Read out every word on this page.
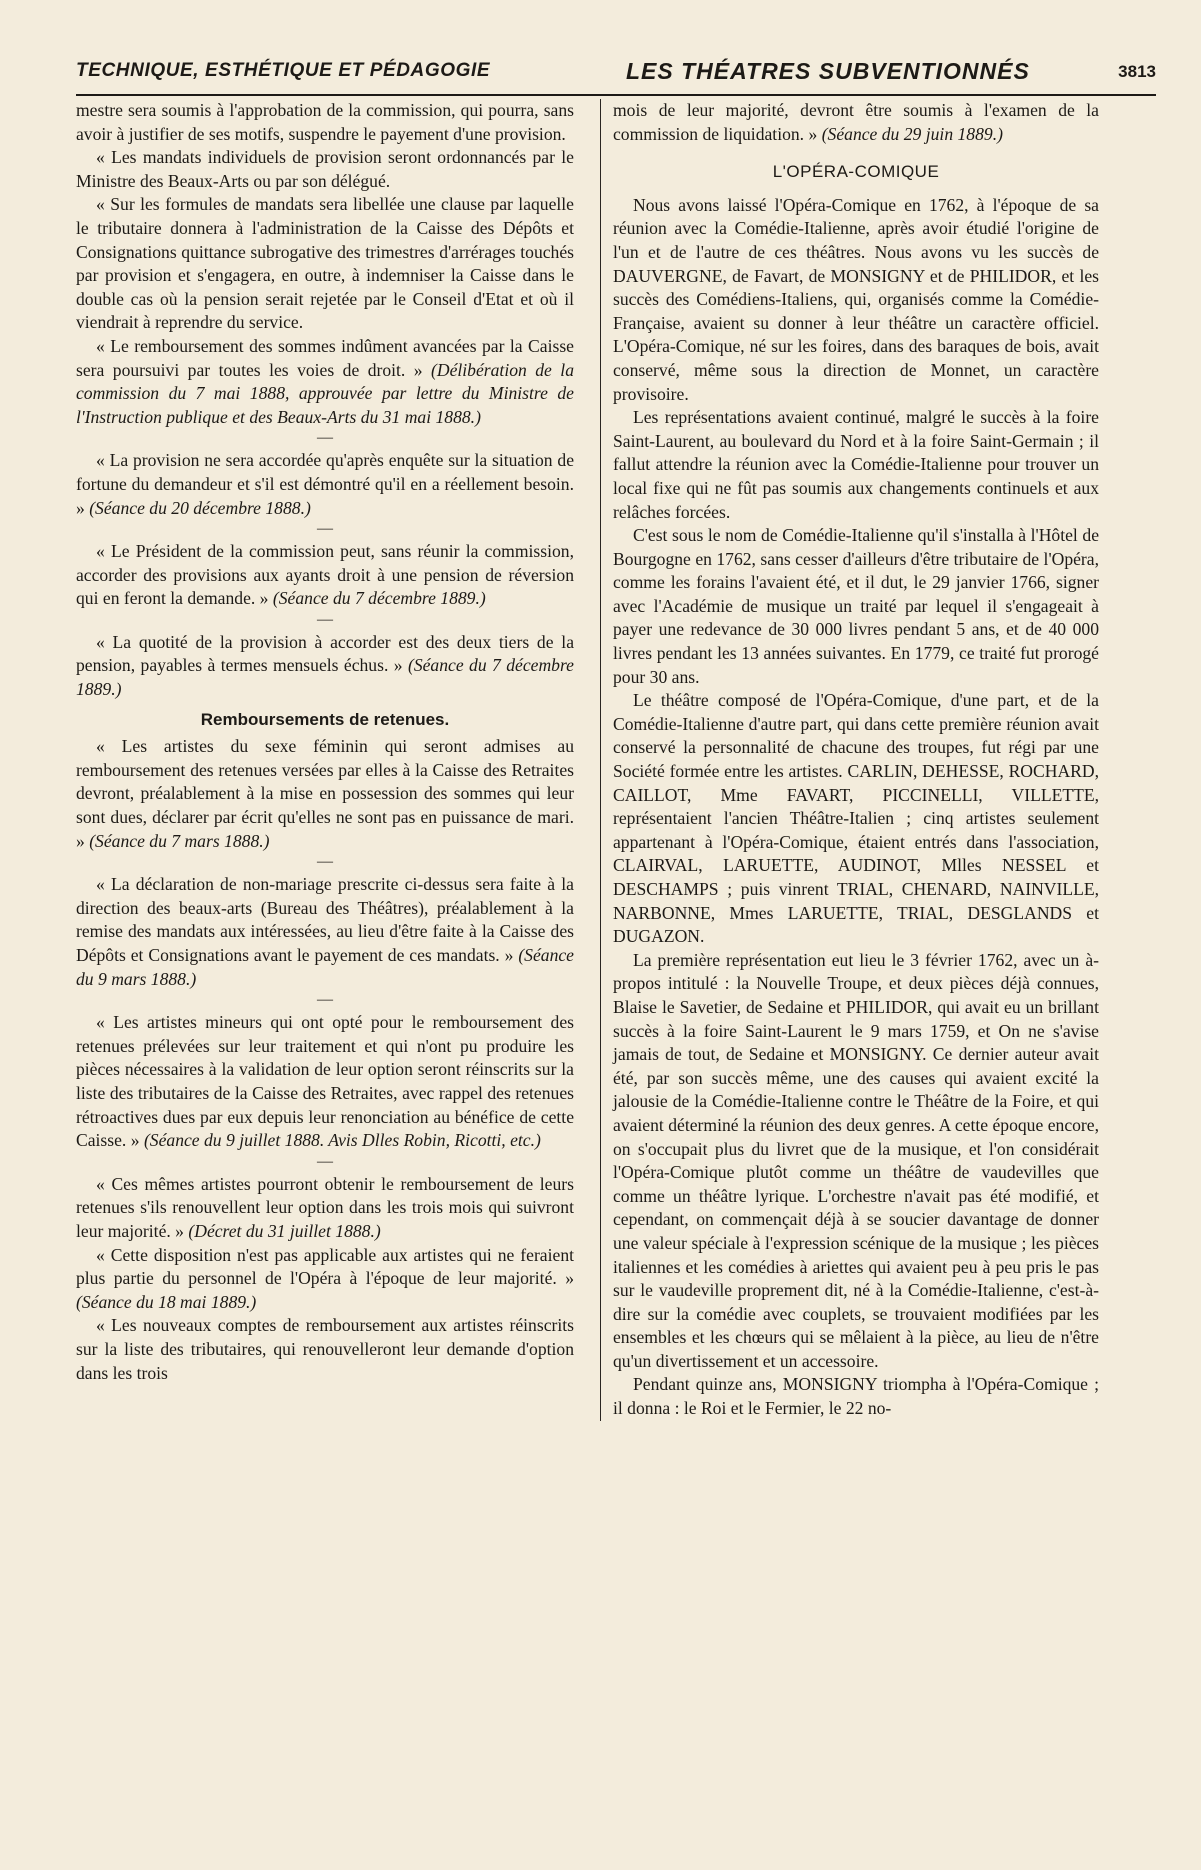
TECHNIQUE, ESTHÉTIQUE ET PÉDAGOGIE	LES THÉATRES SUBVENTIONNÉS	3813

mestre sera soumis à l'approbation de la commission, qui pourra, sans avoir à justifier de ses motifs, suspendre le payement d'une provision.

« Les mandats individuels de provision seront ordonnancés par le Ministre des Beaux-Arts ou par son délégué.

« Sur les formules de mandats sera libellée une clause par laquelle le tributaire donnera à l'administration de la Caisse des Dépôts et Consignations quittance subrogative des trimestres d'arrérages touchés par provision et s'engagera, en outre, à indemniser la Caisse dans le double cas où la pension serait rejetée par le Conseil d'Etat et où il viendrait à reprendre du service.

« Le remboursement des sommes indûment avancées par la Caisse sera poursuivi par toutes les voies de droit. » (Délibération de la commission du 7 mai 1888, approuvée par lettre du Ministre de l'Instruction publique et des Beaux-Arts du 31 mai 1888.)

—

« La provision ne sera accordée qu'après enquête sur la situation de fortune du demandeur et s'il est démontré qu'il en a réellement besoin. » (Séance du 20 décembre 1888.)

—

« Le Président de la commission peut, sans réunir la commission, accorder des provisions aux ayants droit à une pension de réversion qui en feront la demande. » (Séance du 7 décembre 1889.)

—

« La quotité de la provision à accorder est des deux tiers de la pension, payables à termes mensuels échus. » (Séance du 7 décembre 1889.)

Remboursements de retenues.

« Les artistes du sexe féminin qui seront admises au remboursement des retenues versées par elles à la Caisse des Retraites devront, préalablement à la mise en possession des sommes qui leur sont dues, déclarer par écrit qu'elles ne sont pas en puissance de mari. » (Séance du 7 mars 1888.)

—

« La déclaration de non-mariage prescrite ci-dessus sera faite à la direction des beaux-arts (Bureau des Théâtres), préalablement à la remise des mandats aux intéressées, au lieu d'être faite à la Caisse des Dépôts et Consignations avant le payement de ces mandats. » (Séance du 9 mars 1888.)

—

« Les artistes mineurs qui ont opté pour le remboursement des retenues prélevées sur leur traitement et qui n'ont pu produire les pièces nécessaires à la validation de leur option seront réinscrits sur la liste des tributaires de la Caisse des Retraites, avec rappel des retenues rétroactives dues par eux depuis leur renonciation au bénéfice de cette Caisse. » (Séance du 9 juillet 1888. Avis Dlles Robin, Ricotti, etc.)

—

« Ces mêmes artistes pourront obtenir le remboursement de leurs retenues s'ils renouvellent leur option dans les trois mois qui suivront leur majorité. » (Décret du 31 juillet 1888.)

« Cette disposition n'est pas applicable aux artistes qui ne feraient plus partie du personnel de l'Opéra à l'époque de leur majorité. » (Séance du 18 mai 1889.)

« Les nouveaux comptes de remboursement aux artistes réinscrits sur la liste des tributaires, qui renouvelleront leur demande d'option dans les trois

mois de leur majorité, devront être soumis à l'examen de la commission de liquidation. » (Séance du 29 juin 1889.)

L'OPÉRA-COMIQUE

Nous avons laissé l'Opéra-Comique en 1762, à l'époque de sa réunion avec la Comédie-Italienne, après avoir étudié l'origine de l'un et de l'autre de ces théâtres. Nous avons vu les succès de DAUVERGNE, de Favart, de MONSIGNY et de PHILIDOR, et les succès des Comédiens-Italiens, qui, organisés comme la Comédie-Française, avaient su donner à leur théâtre un caractère officiel. L'Opéra-Comique, né sur les foires, dans des baraques de bois, avait conservé, même sous la direction de Monnet, un caractère provisoire.

Les représentations avaient continué, malgré le succès à la foire Saint-Laurent, au boulevard du Nord et à la foire Saint-Germain ; il fallut attendre la réunion avec la Comédie-Italienne pour trouver un local fixe qui ne fût pas soumis aux changements continuels et aux relâches forcées.

C'est sous le nom de Comédie-Italienne qu'il s'installa à l'Hôtel de Bourgogne en 1762, sans cesser d'ailleurs d'être tributaire de l'Opéra, comme les forains l'avaient été, et il dut, le 29 janvier 1766, signer avec l'Académie de musique un traité par lequel il s'engageait à payer une redevance de 30 000 livres pendant 5 ans, et de 40 000 livres pendant les 13 années suivantes. En 1779, ce traité fut prorogé pour 30 ans.

Le théâtre composé de l'Opéra-Comique, d'une part, et de la Comédie-Italienne d'autre part, qui dans cette première réunion avait conservé la personnalité de chacune des troupes, fut régi par une Société formée entre les artistes. CARLIN, DEHESSE, ROCHARD, CAILLOT, Mme FAVART, PICCINELLI, VILLETTE, représentaient l'ancien Théâtre-Italien ; cinq artistes seulement appartenant à l'Opéra-Comique, étaient entrés dans l'association, CLAIRVAL, LARUETTE, AUDINOT, Mlles NESSEL et DESCHAMPS ; puis vinrent TRIAL, CHENARD, NAINVILLE, NARBONNE, Mmes LARUETTE, TRIAL, DESGLANDS et DUGAZON.

La première représentation eut lieu le 3 février 1762, avec un à-propos intitulé : la Nouvelle Troupe, et deux pièces déjà connues, Blaise le Savetier, de Sedaine et PHILIDOR, qui avait eu un brillant succès à la foire Saint-Laurent le 9 mars 1759, et On ne s'avise jamais de tout, de Sedaine et MONSIGNY. Ce dernier auteur avait été, par son succès même, une des causes qui avaient excité la jalousie de la Comédie-Italienne contre le Théâtre de la Foire, et qui avaient déterminé la réunion des deux genres. A cette époque encore, on s'occupait plus du livret que de la musique, et l'on considérait l'Opéra-Comique plutôt comme un théâtre de vaudevilles que comme un théâtre lyrique. L'orchestre n'avait pas été modifié, et cependant, on commençait déjà à se soucier davantage de donner une valeur spéciale à l'expression scénique de la musique ; les pièces italiennes et les comédies à ariettes qui avaient peu à peu pris le pas sur le vaudeville proprement dit, né à la Comédie-Italienne, c'est-à-dire sur la comédie avec couplets, se trouvaient modifiées par les ensembles et les chœurs qui se mêlaient à la pièce, au lieu de n'être qu'un divertissement et un accessoire.

Pendant quinze ans, MONSIGNY triompha à l'Opéra-Comique ; il donna : le Roi et le Fermier, le 22 no-
